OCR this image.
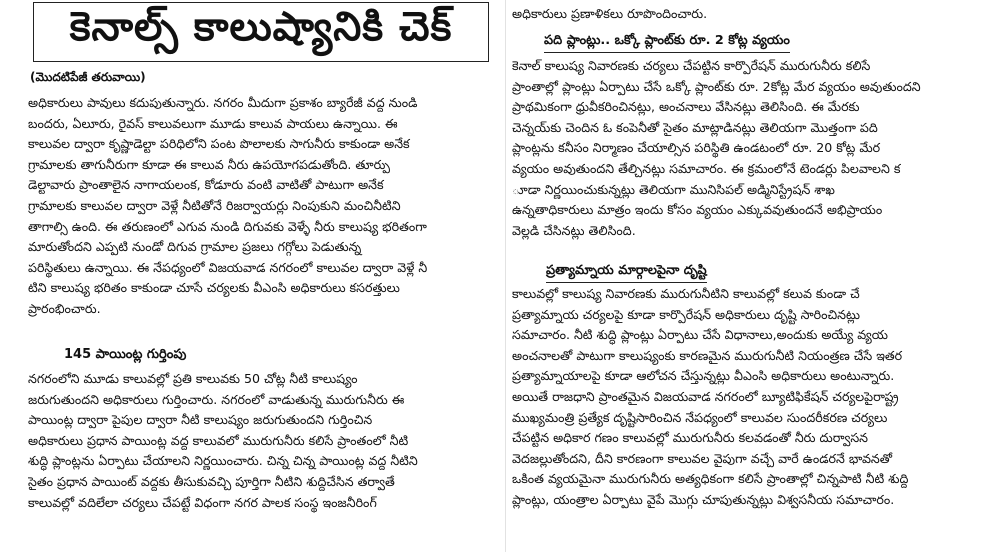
కెనాల్స్ కాలుష్యానికి చెక్
(మొదటిపేజీ తరువాయి)
అధికారులు పావులు కదుపుతున్నారు. నగరం మీదుగా ప్రకాశం బ్యారేజీ వద్ద నుండి
బందరు, ఏలూరు, రైవస్ కాలువలుగా మూడు కాలువ పాయలు ఉన్నాయి. ఈ
కాలువల ద్వారా కృష్ణాడెల్టా పరిధిలోని పంట పొలాలకు సాగునీరు కాకుండా అనేక
గ్రామాలకు తాగునీరుగా కూడా ఈ కాలువ నీరు ఉపయోగపడుతోంది. తూర్పు
డెల్టావారు ప్రాంతాలైన నాగాయలంక, కోడూరు వంటి వాటితో పాటుగా అనేక
గ్రామాలకు కాలువల ద్వారా వెళ్లే నీటితోనే రిజర్వాయర్లు నింపుకుని మంచినీటిని
తాగాల్సి ఉంది. ఈ తరుణంలో ఎగువ నుండి దిగువకు వెళ్ళే నీరు కాలుష్య భరితంగా
మారుతోందని ఎప్పటి నుండో దిగువ గ్రామాల ప్రజలు గగ్గోలు పెడుతున్న
పరిస్థితులు ఉన్నాయి. ఈ నేపధ్యంలో విజయవాడ నగరంలో కాలువల ద్వారా వెళ్లే నీ
టిని కాలుష్య భరితం కాకుండా చూసే చర్యలకు వీఎంసి అధికారులు కసరత్తులు
ప్రారంభించారు.
145 పాయింట్ల గుర్తింపు
నగరంలోని మూడు కాలువల్లో ప్రతి కాలువకు 50 చోట్ల నీటి కాలుష్యం
జరుగుతుందని అధికారులు గుర్తించారు. నగరంలో వాడుతున్న మురుగునీరు ఈ
పాయింట్ల ద్వారా పైపుల ద్వారా నీటి కాలుష్యం జరుగుతుందని గుర్తించిన
అధికారులు ప్రధాన పాయింట్ల వద్ద కాలువలో మురుగునీరు కలిసే ప్రాంతంలో నీటి
శుద్ధి ప్లాంట్లను ఏర్పాటు చేయాలని నిర్ణయించారు. చిన్న చిన్న పాయింట్ల వద్ద నీటిని
సైతం ప్రధాన పాయింట్ వద్దకు తీసుకువచ్చి పూర్తిగా నీటిని శుద్దిచేసిన తర్వాతే
కాలువల్లో వదిలేలా చర్యలు చేపట్టే విధంగా నగర పాలక సంస్థ ఇంజనీరింగ్
అధికారులు ప్రణాళికలు రూపొందించారు.
పది ప్లాంట్లు.. ఒక్కో ప్లాంట్‌కు రూ. 2 కోట్ల వ్యయం
కెనాల్ కాలుష్య నివారణకు చర్యలు చేపట్టిన కార్పొరేషన్ మురుగునీరు కలిసే
ప్రాంతాల్లో ప్లాంట్లు ఏర్పాటు చేసే ఒక్కో ప్లాంట్‌కు రూ. 2కోట్ల మేర వ్యయం అవుతుందని
ప్రాథమికంగా ధ్రువీకరించినట్లు, అంచనాలు వేసినట్లు తెలిసింది. ఈ మేరకు
చెన్నయ్‌కు చెందిన ఓ కంపెనీతో సైతం మాట్లాడినట్లు తెలియగా మొత్తంగా పది
ప్లాంట్లను కనీసం నిర్మాణం చేయాల్సిన పరిస్థితి ఉండటంలో రూ. 20 కోట్ల మేర
వ్యయం అవుతుందని తేల్చినట్లు సమాచారం. ఈ క్రమంలోనే టెండర్లు పిలవాలని క
ూడా నిర్ణయించుకున్నట్లు తెలియగా మునిసిపల్ అడ్మినిస్ట్రేషన్ శాఖ
ఉన్నతాధికారులు మాత్రం ఇందు కోసం వ్యయం ఎక్కువవుతుందనే అభిప్రాయం
వెల్లడి చేసినట్లు తెలిసింది.
ప్రత్యామ్నాయ మార్గాలపైనా దృష్టి
కాలువల్లో కాలుష్య నివారణకు మురుగునీటిని కాలువల్లో కలువ కుండా చే
ప్రత్యామ్నాయ చర్యలపై కూడా కార్పొరేషన్ అధికారులు దృష్టి సారించినట్లు
సమాచారం. నీటి శుద్ధి ప్లాంట్లు ఏర్పాటు చేసే విధానాలు,అందుకు అయ్యే వ్యయ
అంచనాలతో పాటుగా కాలుష్యంకు కారణమైన మురుగునీటి నియంత్రణ చేసే ఇతర
ప్రత్యామ్నాయాలపై కూడా ఆలోచన చేస్తున్నట్లు వీఎంసి అధికారులు అంటున్నారు.
అయితే రాజధాని ప్రాంతమైన విజయవాడ నగరంలో బ్యూటిఫికేషన్ చర్యలపైరాష్ట్ర
ముఖ్యమంత్రి ప్రత్యేక దృష్టిసారించిన నేపధ్యంలో కాలువల సుందరీకరణ చర్యలు
చేపట్టిన అధికార గణం కాలువల్లో మురుగునీరు కలవడంతో నీరు దుర్వాసన
వెదజల్లుతోందని, దీని కారణంగా కాలువల వైపుగా వచ్చే వారే ఉండరనే భావనతో
ఒకింత వ్యయమైనా మురుగునీరు అత్యధికంగా కలిసే ప్రాంతాల్లో చిన్నపాటి నీటి శుద్ది
ప్లాంట్లు, యంత్రాల ఏర్పాటు వైపే మొగ్గు చూపుతున్నట్లు విశ్వసనీయ సమాచారం.
